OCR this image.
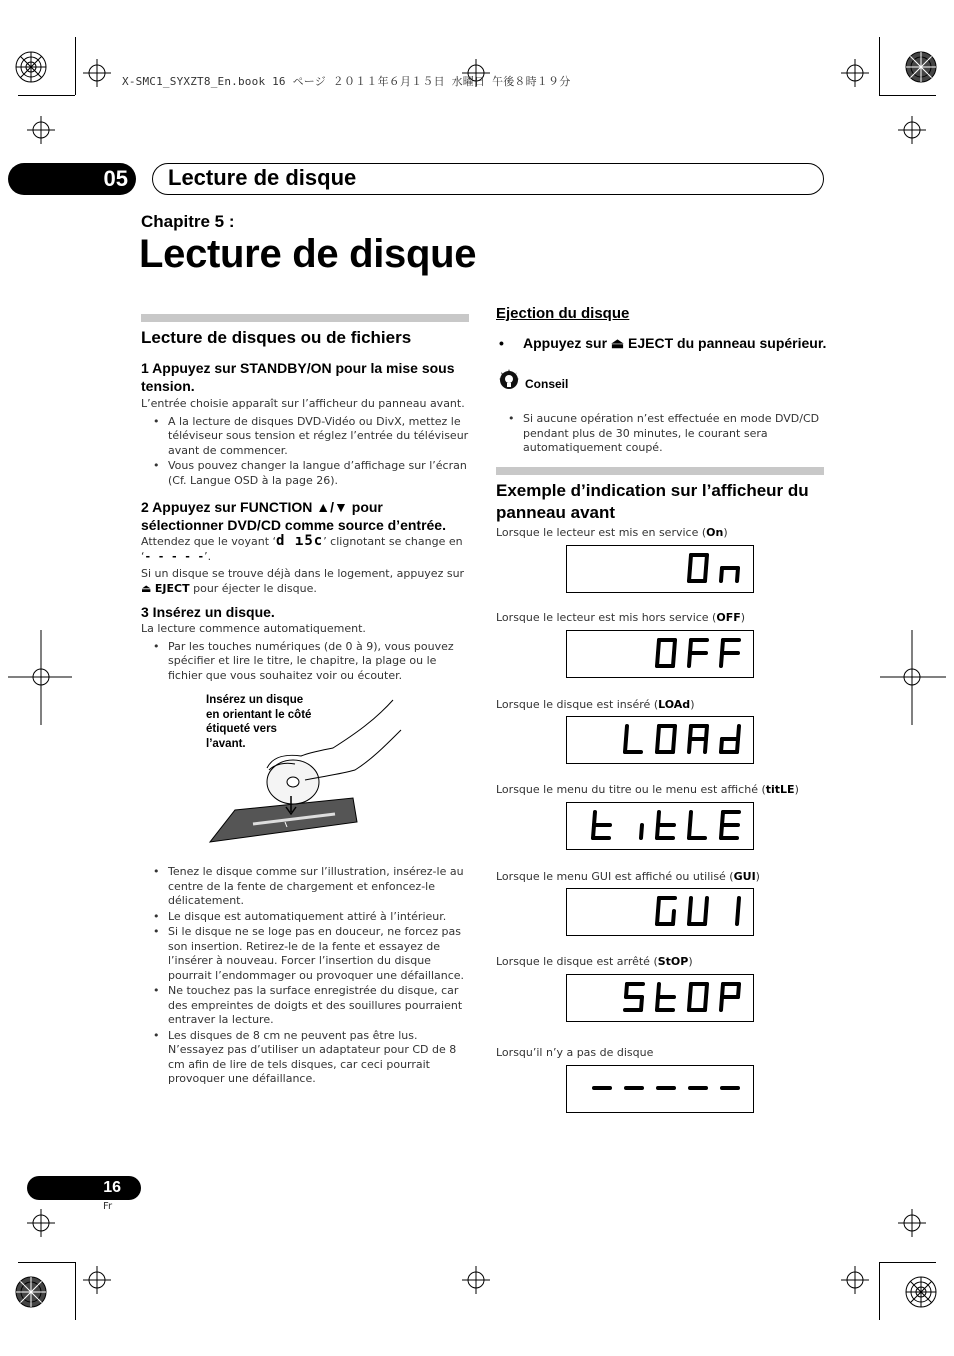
X-SMC1_SYXZT8_En.book 16 ページ ２０１１年６月１５日 水曜日 午後８時１９分
05	Lecture de disque
Chapitre 5 :
Lecture de disque
Lecture de disques ou de fichiers
1 Appuyez sur STANDBY/ON pour la mise sous tension.
L’entrée choisie apparaît sur l’afficheur du panneau avant.
• A la lecture de disques DVD-Vidéo ou DivX, mettez le téléviseur sous tension et réglez l’entrée du téléviseur avant de commencer.
• Vous pouvez changer la langue d’affichage sur l’écran (Cf. Langue OSD à la page 26).
2 Appuyez sur FUNCTION ▲/▼ pour sélectionner DVD/CD comme source d’entrée.
Attendez que le voyant ‘d ı5c’ clignotant se change en ‘- - - - -’.
Si un disque se trouve déjà dans le logement, appuyez sur ⏏ EJECT pour éjecter le disque.
3 Insérez un disque.
La lecture commence automatiquement.
• Par les touches numériques (de 0 à 9), vous pouvez spécifier et lire le titre, le chapitre, la plage ou le fichier que vous souhaitez voir ou écouter.
Insérez un disque en orientant le côté étiqueté vers l’avant.
• Tenez le disque comme sur l’illustration, insérez-le au centre de la fente de chargement et enfoncez-le délicatement.
• Le disque est automatiquement attiré à l’intérieur.
• Si le disque ne se loge pas en douceur, ne forcez pas son insertion. Retirez-le de la fente et essayez de l’insérer à nouveau. Forcer l’insertion du disque pourrait l’endommager ou provoquer une défaillance.
• Ne touchez pas la surface enregistrée du disque, car des empreintes de doigts et des souillures pourraient entraver la lecture.
• Les disques de 8 cm ne peuvent pas être lus. N’essayez pas d’utiliser un adaptateur pour CD de 8 cm afin de lire de tels disques, car ceci pourrait provoquer une défaillance.
Ejection du disque
• Appuyez sur ⏏ EJECT du panneau supérieur.
Conseil
• Si aucune opération n’est effectuée en mode DVD/CD pendant plus de 30 minutes, le courant sera automatiquement coupé.
Exemple d’indication sur l’afficheur du panneau avant
Lorsque le lecteur est mis en service (On)
Lorsque le lecteur est mis hors service (OFF)
Lorsque le disque est inséré (LOAd)
Lorsque le menu du titre ou le menu est affiché (titLE)
Lorsque le menu GUI est affiché ou utilisé (GUI)
Lorsque le disque est arrêté (StOP)
Lorsqu’il n’y a pas de disque
16
Fr
